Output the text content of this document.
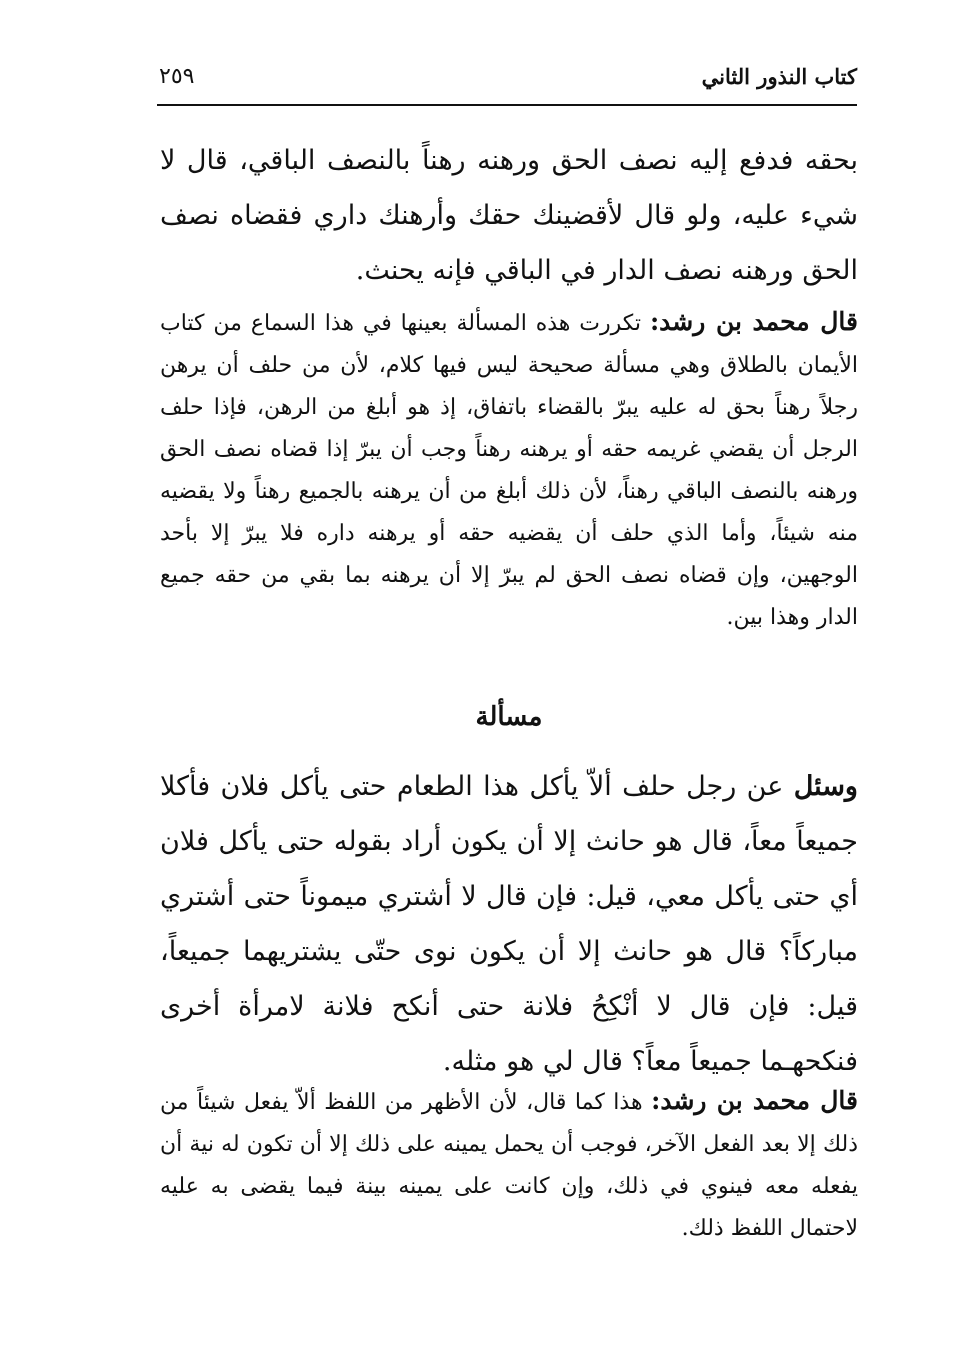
كتاب النذور الثاني
٢٥٩

بحقه فدفع إليه نصف الحق ورهنه رهناً بالنصف الباقي، قال لا شيء عليه، ولو قال لأقضينك حقك وأرهنك داري فقضاه نصف الحق ورهنه نصف الدار في الباقي فإنه يحنث.

قال محمد بن رشد: تكررت هذه المسألة بعينها في هذا السماع من كتاب الأيمان بالطلاق وهي مسألة صحيحة ليس فيها كلام، لأن من حلف أن يرهن رجلاً رهناً بحق له عليه يبرّ بالقضاء باتفاق، إذ هو أبلغ من الرهن، فإذا حلف الرجل أن يقضي غريمه حقه أو يرهنه رهناً وجب أن يبرّ إذا قضاه نصف الحق ورهنه بالنصف الباقي رهناً، لأن ذلك أبلغ من أن يرهنه بالجميع رهناً ولا يقضيه منه شيئاً، وأما الذي حلف أن يقضيه حقه أو يرهنه داره فلا يبرّ إلا بأحد الوجهين، وإن قضاه نصف الحق لم يبرّ إلا أن يرهنه بما بقي من حقه جميع الدار وهذا بين.

مسألة

وسئل عن رجل حلف ألاّ يأكل هذا الطعام حتى يأكل فلان فأكلا جميعاً معاً، قال هو حانث إلا أن يكون أراد بقوله حتى يأكل فلان أي حتى يأكل معي، قيل: فإن قال لا أشتري ميموناً حتى أشتري مباركاً؟ قال هو حانث إلا أن يكون نوى حتّى يشتريهما جميعاً، قيل: فإن قال لا أنْكِحُ فلانة حتى أنكح فلانة لامرأة أخرى فنكحهـما جميعاً معاً؟ قال لي هو مثله.

قال محمد بن رشد: هذا كما قال، لأن الأظهر من اللفظ ألاّ يفعل شيئاً من ذلك إلا بعد الفعل الآخر، فوجب أن يحمل يمينه على ذلك إلا أن تكون له نية أن يفعله معه فينوي في ذلك، وإن كانت على يمينه بينة فيما يقضى به عليه لاحتمال اللفظ ذلك.
